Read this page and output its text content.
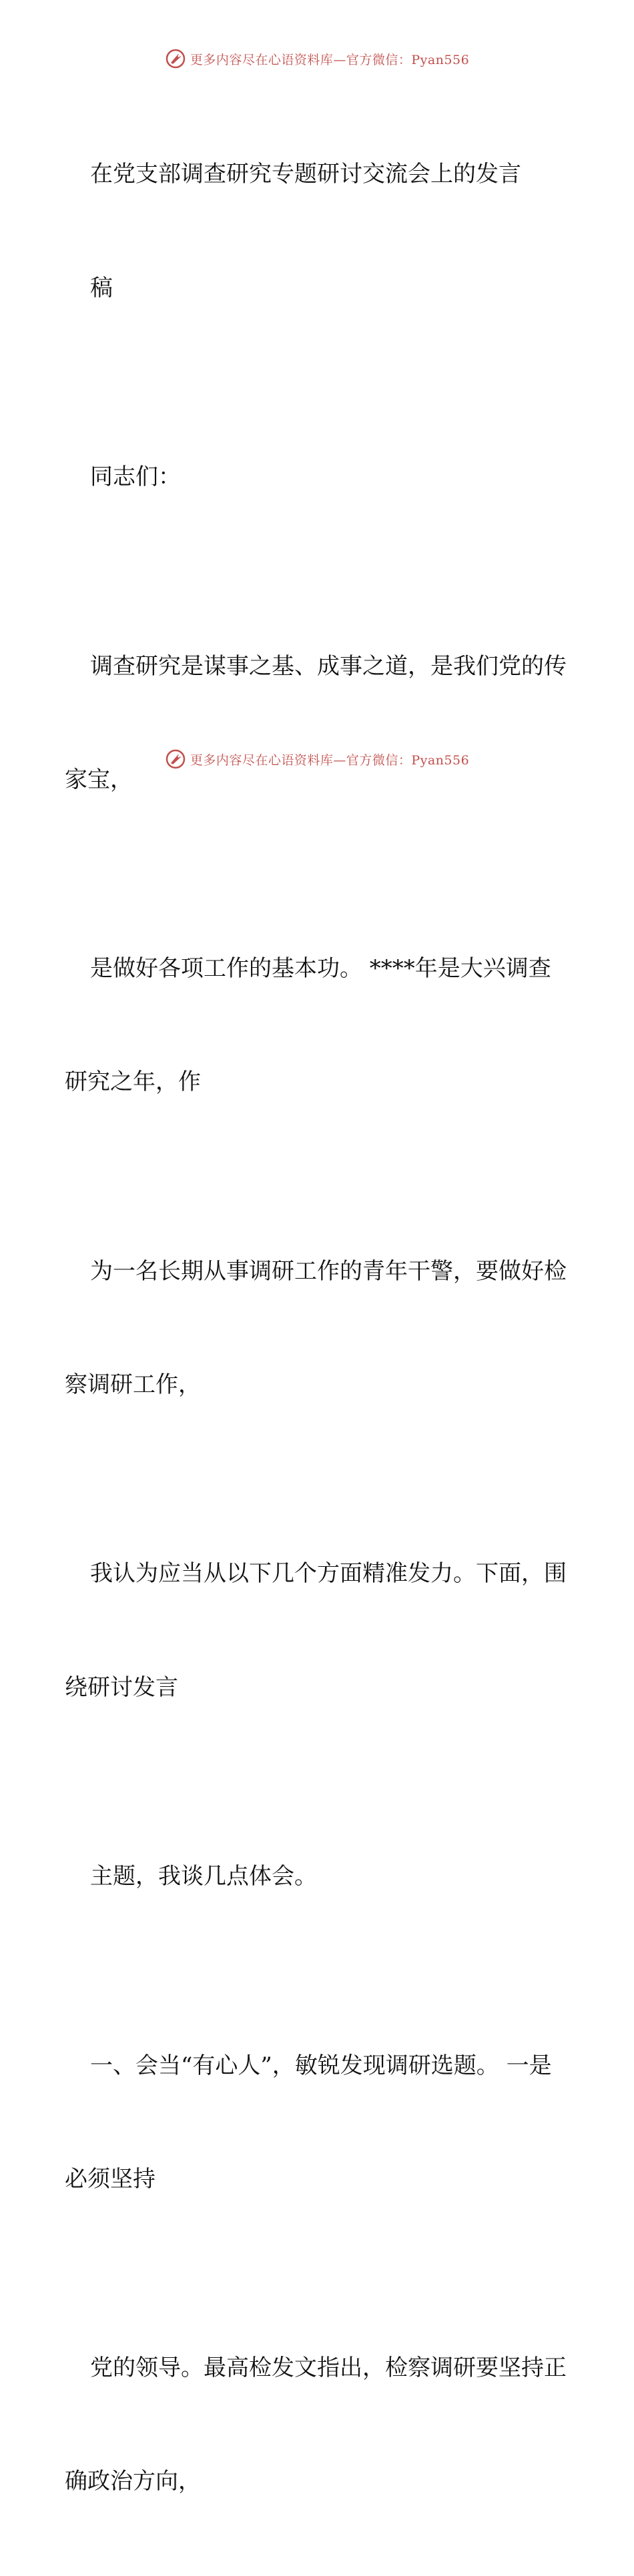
更多内容尽在心语资料库—官方微信：Pyan556

在党支部调查研究专题研讨交流会上的发言

稿

同志们：

调查研究是谋事之基、成事之道，是我们党的传

家宝，

是做好各项工作的基本功。 ****年是大兴调查

研究之年，作

为一名长期从事调研工作的青年干警，要做好检

察调研工作，

我认为应当从以下几个方面精准发力。下面，围

绕研讨发言

主题，我谈几点体会。

一、会当“有心人”，敏锐发现调研选题。 一是

必须坚持

党的领导。最高检发文指出，检察调研要坚持正

确政治方向，

更多内容尽在心语资料库—官方微信：Pyan556
